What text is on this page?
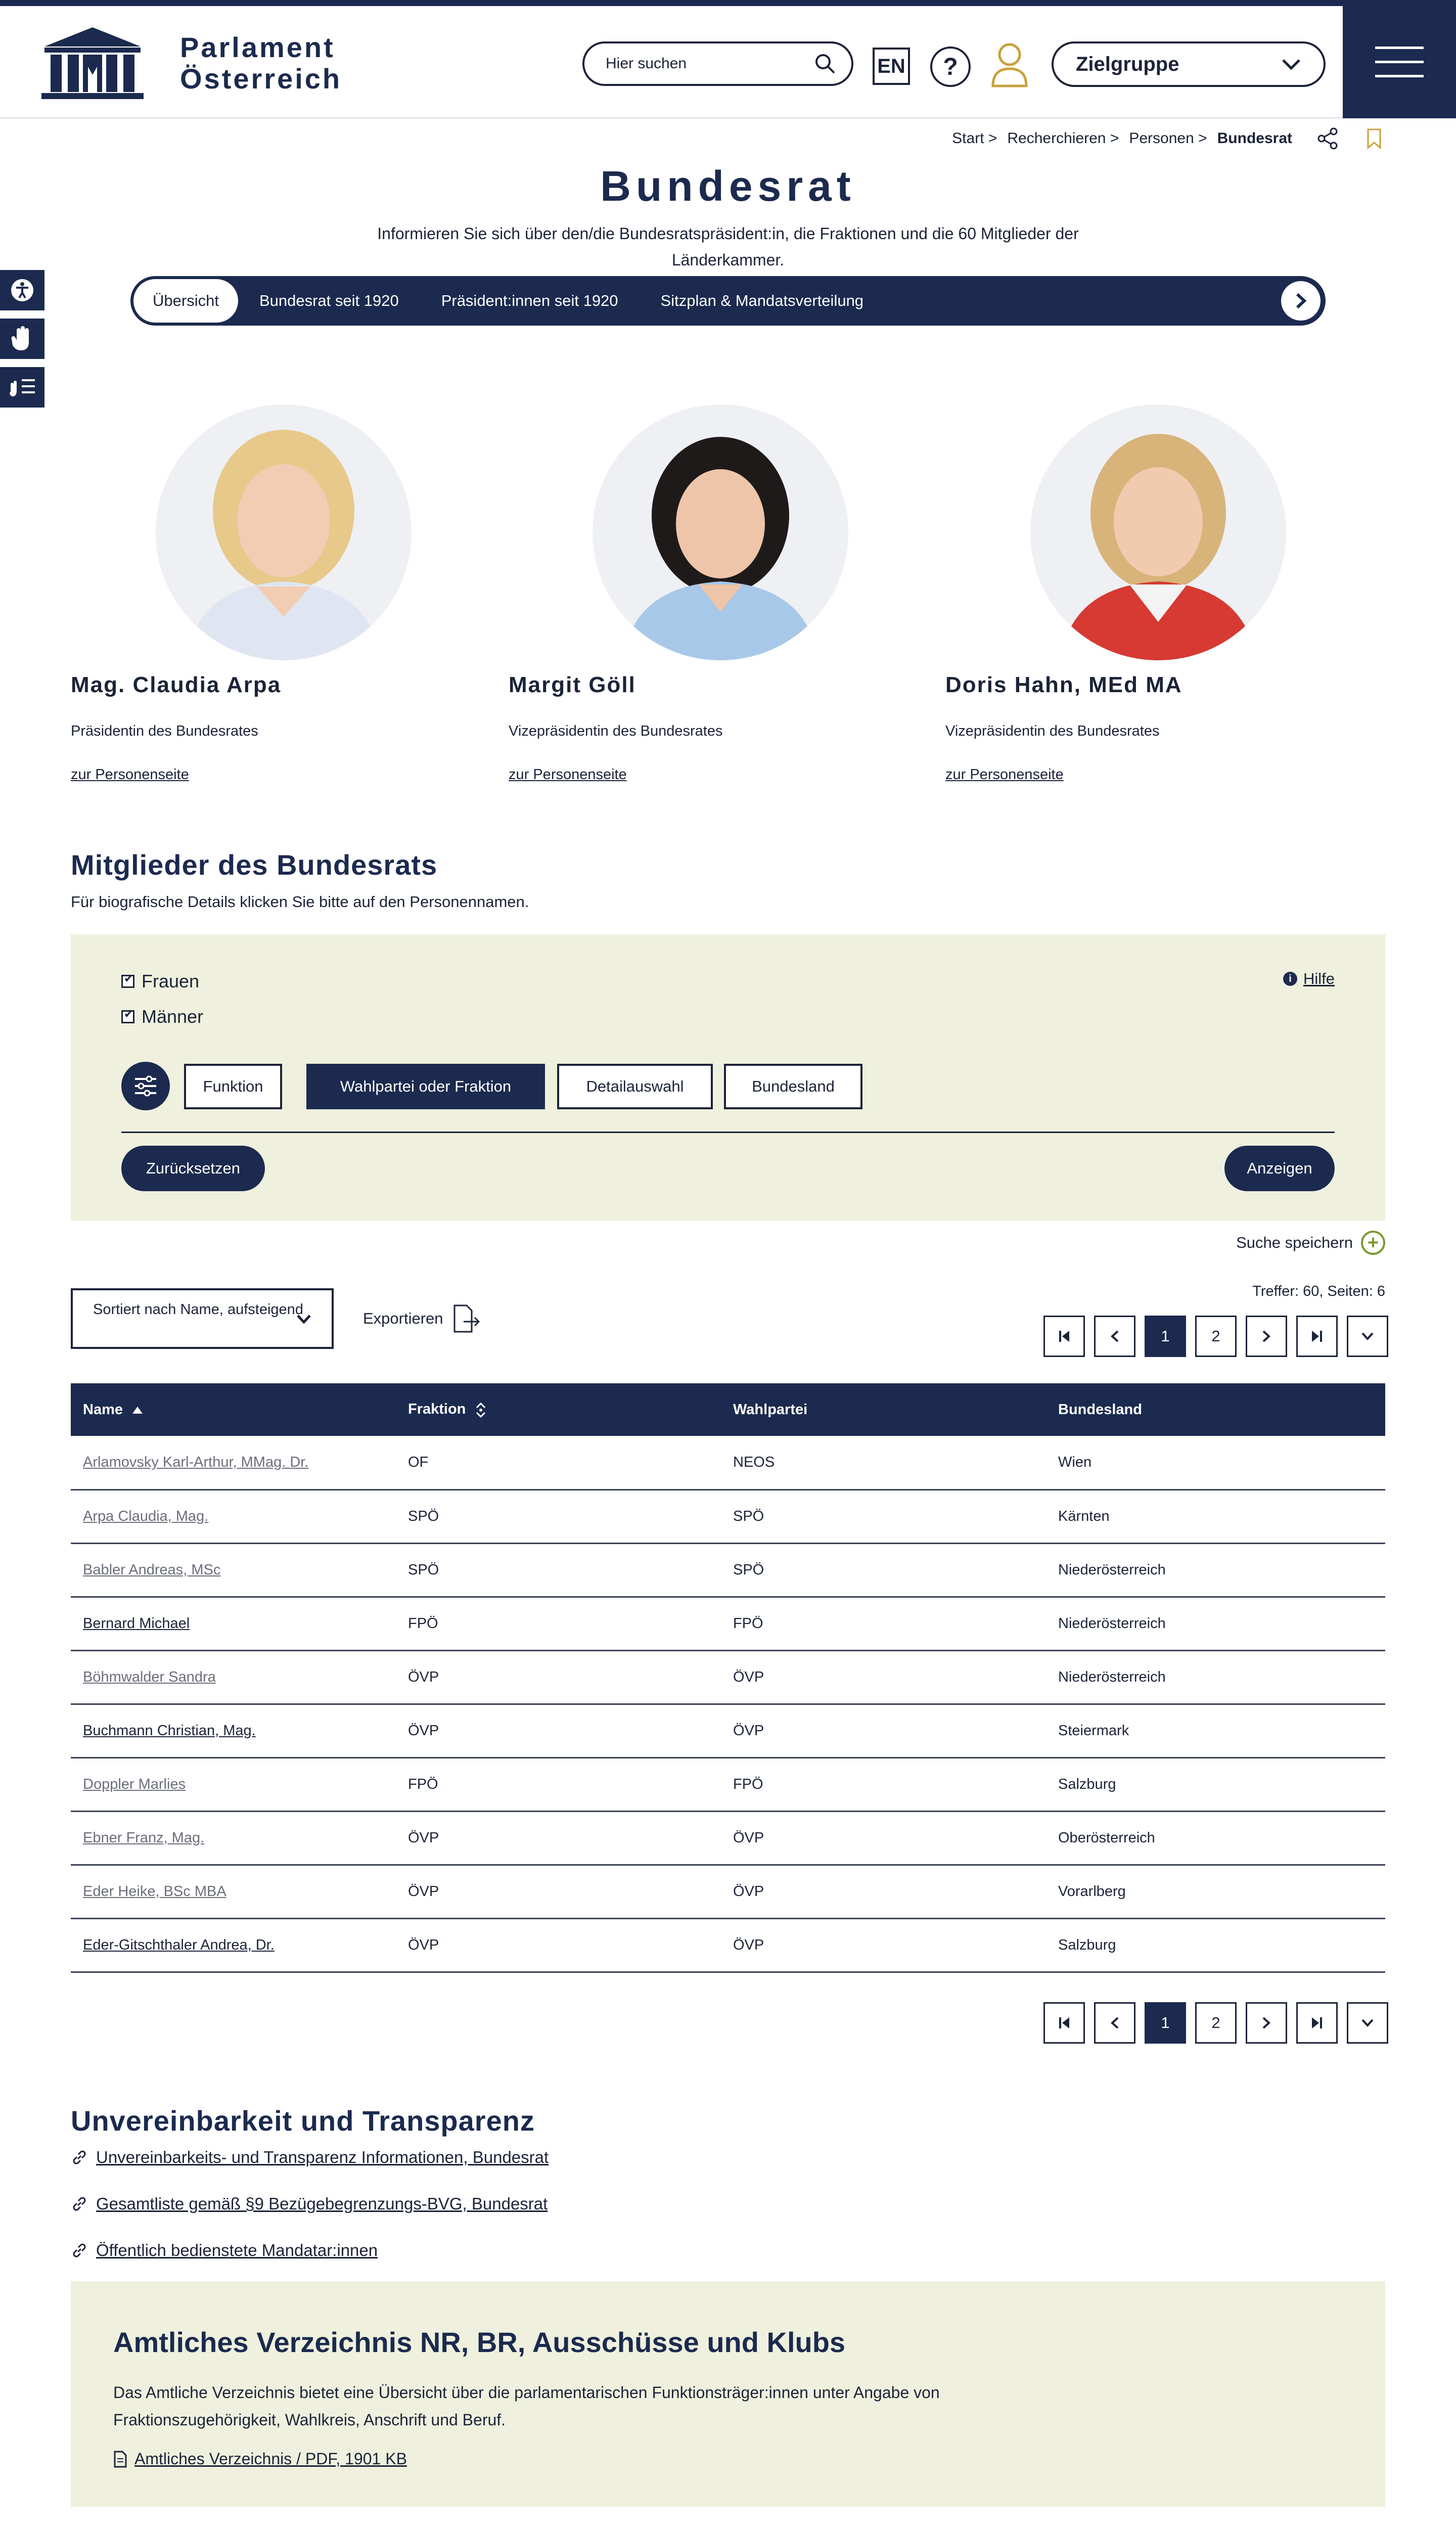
Parlament
Österreich
Hier suchen	EN ?	Zielgruppe
Start > Recherchieren > Personen > Bundesrat
Bundesrat

Informieren Sie sich über den/die Bundesratspräsident:in, die Fraktionen und die 60 Mitglieder der Länderkammer.

Übersicht	Bundesrat seit 1920	Präsident:innen seit 1920	Sitzplan & Mandatsverteilung
Mag. Claudia Arpa
Präsidentin des Bundesrates
zur Personenseite
Margit Göll
Vizepräsidentin des Bundesrates
zur Personenseite
Doris Hahn, MEd MA
Vizepräsidentin des Bundesrates
zur Personenseite
Mitglieder des Bundesrats

Für biografische Details klicken Sie bitte auf den Personennamen.

✔
Frauen
✔
Männer
i Hilfe
Funktion	Wahlpartei oder Fraktion	Detailauswahl	Bundesland
Zurücksetzen	Anzeigen
Suche speichern +
Sortiert nach Name, aufsteigend	Exportieren
Treffer: 60, Seiten: 6
1	2
Name	Fraktion	Wahlpartei	Bundesland
Arlamovsky Karl-Arthur, MMag. Dr.	OF	NEOS	Wien
Arpa Claudia, Mag.	SPÖ	SPÖ	Kärnten
Babler Andreas, MSc	SPÖ	SPÖ	Niederösterreich
Bernard Michael	FPÖ	FPÖ	Niederösterreich
Böhmwalder Sandra	ÖVP	ÖVP	Niederösterreich
Buchmann Christian, Mag.	ÖVP	ÖVP	Steiermark
Doppler Marlies	FPÖ	FPÖ	Salzburg
Ebner Franz, Mag.	ÖVP	ÖVP	Oberösterreich
Eder Heike, BSc MBA	ÖVP	ÖVP	Vorarlberg
Eder-Gitschthaler Andrea, Dr.	ÖVP	ÖVP	Salzburg
1	2
Unvereinbarkeit und Transparenz
Unvereinbarkeits- und Transparenz Informationen, Bundesrat
Gesamtliste gemäß §9 Bezügebegrenzungs-BVG, Bundesrat
Öffentlich bedienstete Mandatar:innen
Amtliches Verzeichnis NR, BR, Ausschüsse und Klubs
Das Amtliche Verzeichnis bietet eine Übersicht über die parlamentarischen Funktionsträger:innen unter Angabe von Fraktionszugehörigkeit, Wahlkreis, Anschrift und Beruf.
Amtliches Verzeichnis / PDF, 1901 KB
